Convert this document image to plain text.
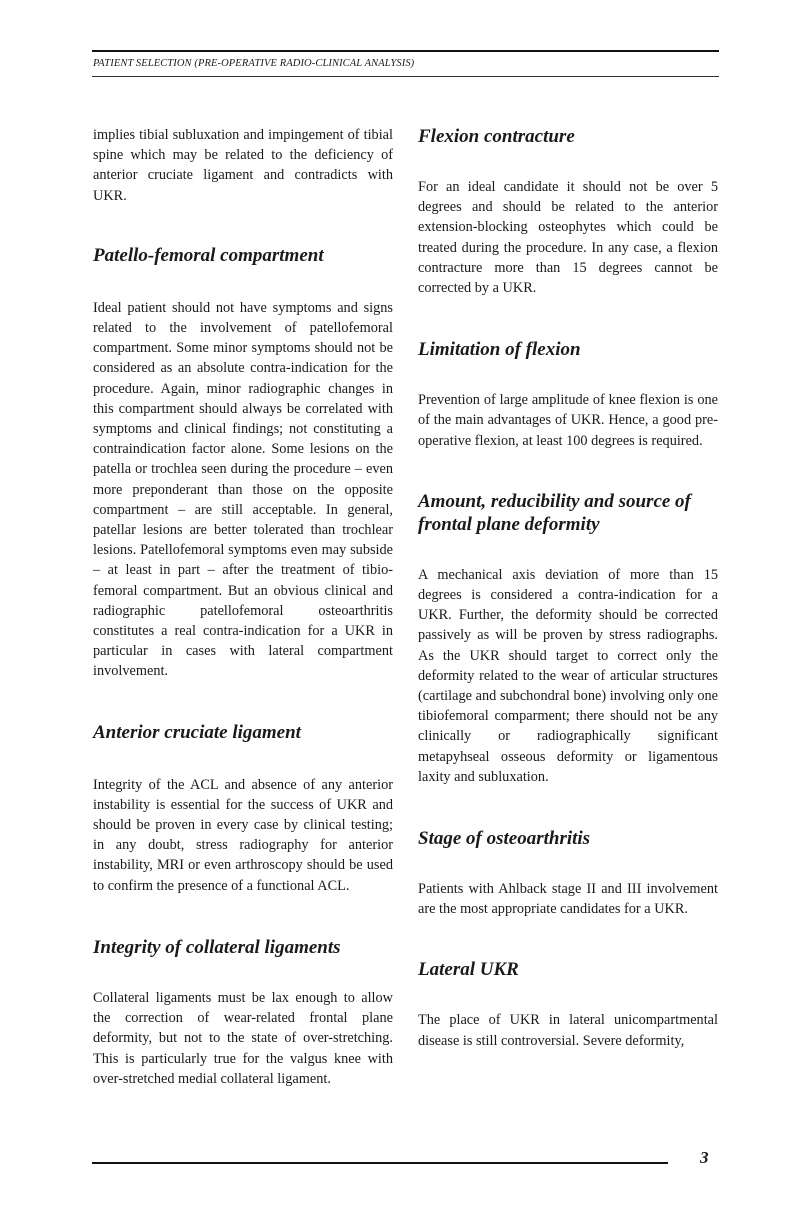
PATIENT SELECTION (PRE-OPERATIVE RADIO-CLINICAL ANALYSIS)

implies tibial subluxation and impingement of tibial spine which may be related to the deficiency of anterior cruciate ligament and contradicts with UKR.

Patello-femoral compartment

Ideal patient should not have symptoms and signs related to the involvement of patellofemoral compartment. Some minor symptoms should not be considered as an absolute contra-indication for the procedure. Again, minor radiographic changes in this compartment should always be correlated with symptoms and clinical findings; not constituting a contraindication factor alone. Some lesions on the patella or trochlea seen during the procedure – even more preponderant than those on the opposite compartment – are still acceptable. In general, patellar lesions are better tolerated than trochlear lesions. Patellofemoral symptoms even may subside – at least in part – after the treatment of tibio-femoral compartment. But an obvious clinical and radiographic patellofemoral osteoarthritis constitutes a real contra-indication for a UKR in particular in cases with lateral compartment involvement.

Anterior cruciate ligament

Integrity of the ACL and absence of any anterior instability is essential for the success of UKR and should be proven in every case by clinical testing; in any doubt, stress radiography for anterior instability, MRI or even arthroscopy should be used to confirm the presence of a functional ACL.

Integrity of collateral ligaments

Collateral ligaments must be lax enough to allow the correction of wear-related frontal plane deformity, but not to the state of over-stretching. This is particularly true for the valgus knee with over-stretched medial collateral ligament.

Flexion contracture

For an ideal candidate it should not be over 5 degrees and should be related to the anterior extension-blocking osteophytes which could be treated during the procedure. In any case, a flexion contracture more than 15 degrees cannot be corrected by a UKR.

Limitation of flexion

Prevention of large amplitude of knee flexion is one of the main advantages of UKR. Hence, a good pre-operative flexion, at least 100 degrees is required.

Amount, reducibility and source of frontal plane deformity

A mechanical axis deviation of more than 15 degrees is considered a contra-indication for a UKR. Further, the deformity should be corrected passively as will be proven by stress radiographs. As the UKR should target to correct only the deformity related to the wear of articular structures (cartilage and subchondral bone) involving only one tibiofemoral comparment; there should not be any clinically or radiographically significant metapyhseal osseous deformity or ligamentous laxity and subluxation.

Stage of osteoarthritis

Patients with Ahlback stage II and III involvement are the most appropriate candidates for a UKR.

Lateral UKR

The place of UKR in lateral unicompartmental disease is still controversial. Severe deformity,

3
